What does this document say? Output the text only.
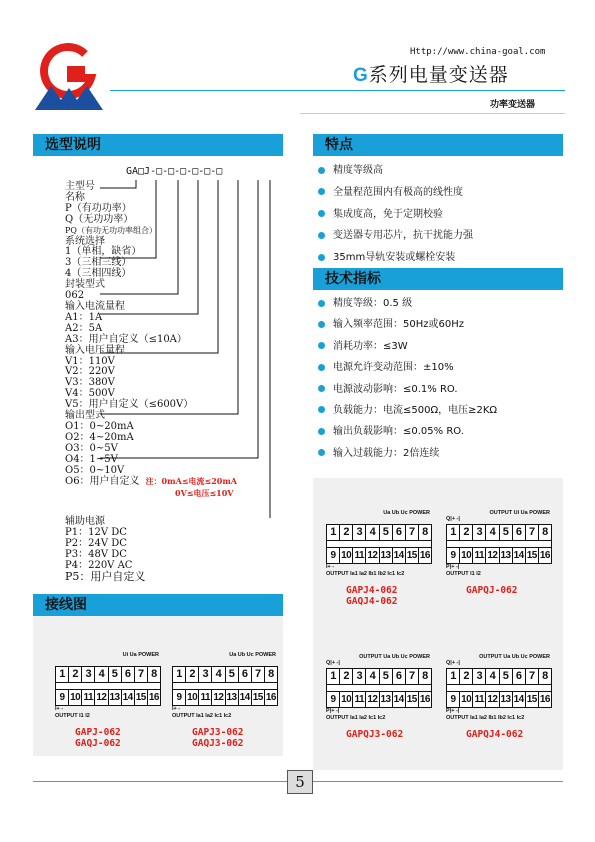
Http://www.china-goal.com
G系列电量变送器
功率变送器
选型说明
GA□J-□-□-□-□-□-□
主型号
名称
P（有功功率）
Q（无功功率）
PQ（有功无功功率组合）
系统选择
1（单相，缺省）
3（三相三线）
4（三相四线）
封装型式
062
输入电流量程
A1：1A
A2：5A
A3：用户自定义（≤10A）
输入电压量程
V1：110V
V2：220V
V3：380V
V4：500V
V5：用户自定义（≤600V）
输出型式
O1：0~20mA
O2：4~20mA
O3：0~5V
O4：1~5V
O5：0~10V
O6：用户自定义 注：0mA≤电流≤20mA
0V≤电压≤10V
辅助电源
P1：12V DC
P2：24V DC
P3：48V DC
P4：220V AC
P5：用户自定义
特点
精度等级高
全量程范围内有极高的线性度
集成度高，免于定期校验
变送器专用芯片，抗干扰能力强
35mm导轨安装或螺栓安装
技术指标
精度等级：0.5 级
输入频率范围：50Hz或60Hz
消耗功率：≤3W
电源允许变动范围：±10%
电源波动影响：≤0.1% RO.
负载能力：电流≤500Ω，电压≥2KΩ
输出负载影响：≤0.05% RO.
输入过载能力：2倍连续
接线图
Ui Ua POWER
1 2 3 4 5 6 7 8
9 10 11 12 13 14 15 16
I+ -
OUTPUT I1 I2
GAPJ-062
GAQJ-062
Ua Ub Uc POWER
1 2 3 4 5 6 7 8
9 10 11 12 13 14 15 16
I+ -
OUTPUT Ia1 Ia2 Ic1 Ic2
GAPJ3-062
GAQJ3-062
Ua Ub Uc POWER
1 2 3 4 5 6 7 8
9 10 11 12 13 14 15 16
I+ -
OUTPUT Ia1 Ia2 Ib1 Ib2 Ic1 Ic2
GAPJ4-062
GAQJ4-062
OUTPUT Ui Ua POWER
Q|+ -|
1 2 3 4 5 6 7 8
9 10 11 12 13 14 15 16
P|+ -|
OUTPUT I1 I2
GAPQJ-062
OUTPUT Ua Ub Uc POWER
Q|+ -|
1 2 3 4 5 6 7 8
9 10 11 12 13 14 15 16
P|+ -|
OUTPUT Ia1 Ia2 Ic1 Ic2
GAPQJ3-062
OUTPUT Ua Ub Uc POWER
Q|+ -|
1 2 3 4 5 6 7 8
9 10 11 12 13 14 15 16
P|+ -|
OUTPUT Ia1 Ia2 Ib1 Ib2 Ic1 Ic2
GAPQJ4-062
5
